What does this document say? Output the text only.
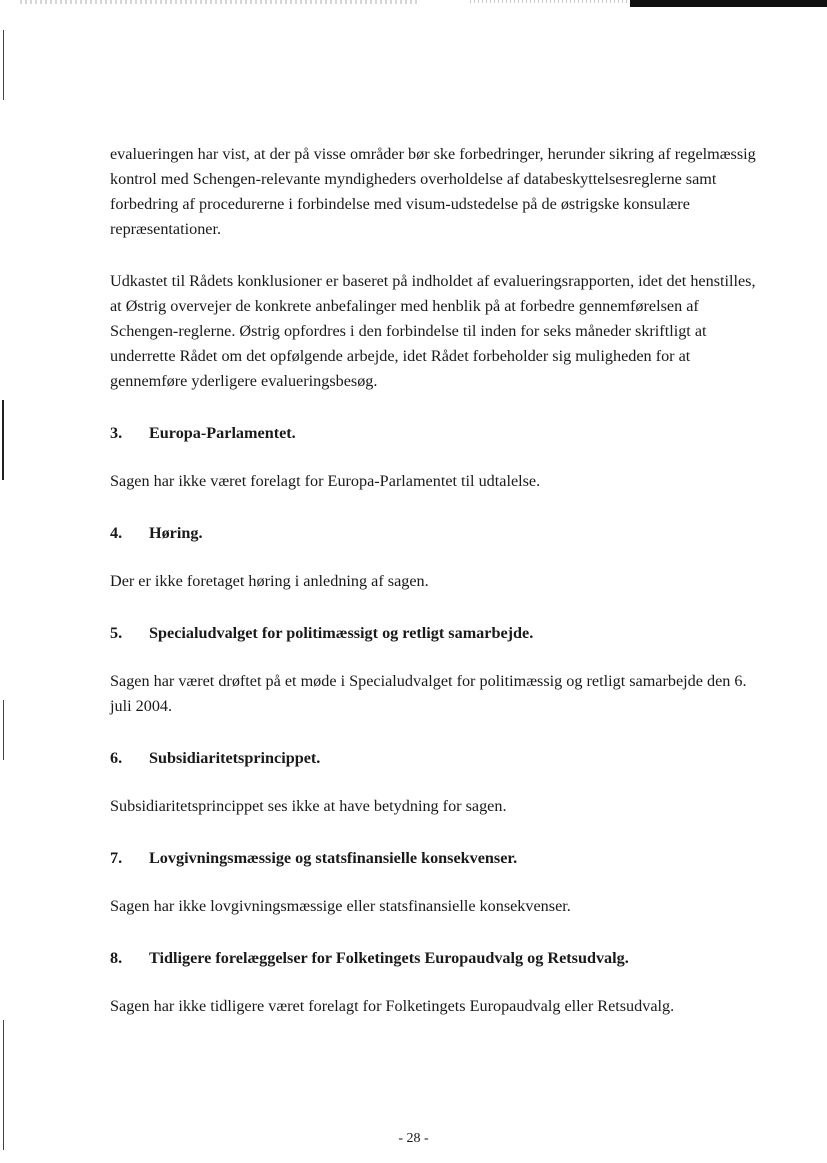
evalueringen har vist, at der på visse områder bør ske forbedringer, herunder sikring af regelmæssig kontrol med Schengen-relevante myndigheders overholdelse af databeskyttelsesreglerne samt forbedring af procedurerne i forbindelse med visum-udstedelse på de østrigske konsulære repræsentationer.

Udkastet til Rådets konklusioner er baseret på indholdet af evalueringsrapporten, idet det henstilles, at Østrig overvejer de konkrete anbefalinger med henblik på at forbedre gennemførelsen af Schengen-reglerne. Østrig opfordres i den forbindelse til inden for seks måneder skriftligt at underrette Rådet om det opfølgende arbejde, idet Rådet forbeholder sig muligheden for at gennemføre yderligere evalueringsbesøg.

3.	Europa-Parlamentet.

Sagen har ikke været forelagt for Europa-Parlamentet til udtalelse.

4.	Høring.

Der er ikke foretaget høring i anledning af sagen.

5.	Specialudvalget for politimæssigt og retligt samarbejde.

Sagen har været drøftet på et møde i Specialudvalget for politimæssig og retligt samarbejde den 6. juli 2004.

6.	Subsidiaritetsprincippet.

Subsidiaritetsprincippet ses ikke at have betydning for sagen.

7.	Lovgivningsmæssige og statsfinansielle konsekvenser.

Sagen har ikke lovgivningsmæssige eller statsfinansielle konsekvenser.

8.	Tidligere forelæggelser for Folketingets Europaudvalg og Retsudvalg.

Sagen har ikke tidligere været forelagt for Folketingets Europaudvalg eller Retsudvalg.

- 28 -
